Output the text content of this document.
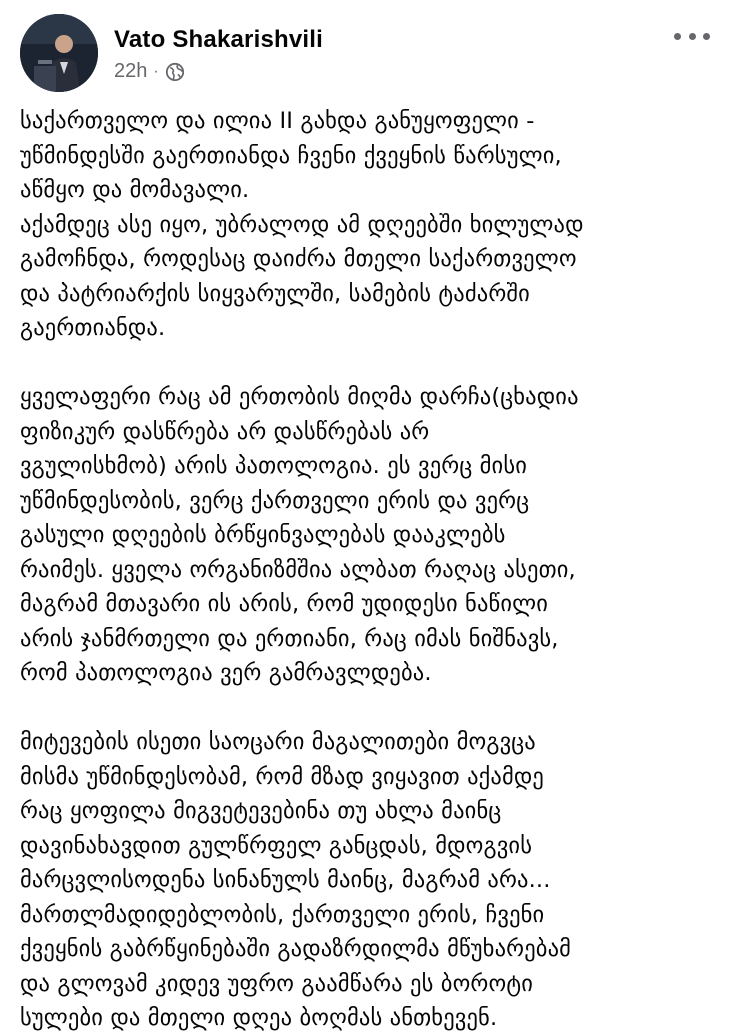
Vato Shakarishvili
22h ·

საქართველო და ილია II გახდა განუყოფელი -
უწმინდესში გაერთიანდა ჩვენი ქვეყნის წარსული,
აწმყო და მომავალი.
აქამდეც ასე იყო, უბრალოდ ამ დღეებში ხილულად
გამოჩნდა, როდესაც დაიძრა მთელი საქართველო
და პატრიარქის სიყვარულში, სამების ტაძარში
გაერთიანდა.

ყველაფერი რაც ამ ერთობის მიღმა დარჩა(ცხადია
ფიზიკურ დასწრება არ დასწრებას არ
ვგულისხმობ) არის პათოლოგია. ეს ვერც მისი
უწმინდესობის, ვერც ქართველი ერის და ვერც
გასული დღეების ბრწყინვალებას დააკლებს
რაიმეს. ყველა ორგანიზმშია ალბათ რაღაც ასეთი,
მაგრამ მთავარი ის არის, რომ უდიდესი ნაწილი
არის ჯანმრთელი და ერთიანი, რაც იმას ნიშნავს,
რომ პათოლოგია ვერ გამრავლდება.

მიტევების ისეთი საოცარი მაგალითები მოგვცა
მისმა უწმინდესობამ, რომ მზად ვიყავით აქამდე
რაც ყოფილა მიგვეტევებინა თუ ახლა მაინც
დავინახავდით გულწრფელ განცდას, მდოგვის
მარცვლისოდენა სინანულს მაინც, მაგრამ არა...
მართლმადიდებლობის, ქართველი ერის, ჩვენი
ქვეყნის გაბრწყინებაში გადაზრდილმა მწუხარებამ
და გლოვამ კიდევ უფრო გაამწარა ეს ბოროტი
სულები და მთელი დღეა ბოღმას ანთხევენ.
